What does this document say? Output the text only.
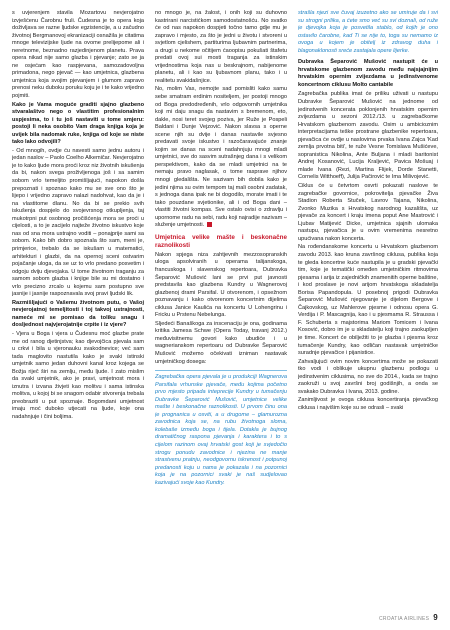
s uvjerenjem stavila Mozartovu nevjerojatno izvješćenu Čarobnu fruli. Čudesna je to opera koja doživljava se razne ljudske egzistencije, a u začudno životnoj Bergmanovoj ekranizaciji osnažila je citatima mnoge televizijske ljude na ovome prelijepome ali i neretnome, beznadno razjedinjenom planetu. Prava opera nikad nije samo glazba i pjevanje; zato se ja ne osjećam kao raspjevana, samozadovoljna primadona, nego pjevač — kao umjetnica, glazbena umjetnica koja svojim pjevanjem i glumom zapravo prenosi neku duboku poruku koju je i te kako vrijedno pojmiti.

Kako je Vama moguće graditi sjajno glazbeno stvaralaštvo nego o vlastitim profesionalnim uspjesima, to i tu još nastaviti u tome smjeru: postoji li neka osobito Vam draga knjiga koja je uvijek bila nadomak ruke, knjiga od koje se niste tako lako odvojili?

- Od mnogih, ovdje ću navesti samo jednu autoru i jedan naslov – Paolo Coelho Alkemičar. Nevjerojatno je to kako ljude mora proći kroz niz životnih iskušenja da bi, nakon svega proživljenoga još i sa samim sobom vrlo temeljito promišljajući, napokon došla prepoznati i spoznao kako mu se sve ono što je lijepo i vrijedno zapravo nalazi nadohvat, kao da je i na vlastitome dlanu. No da bi se prekio svih iskušenja dospjelo do svojevrsnog otkupljenja, taj mukotrpni put osobnog pročišćenja mora se proći u cijelosti, a to je zacijelo najteže životno iskustvo koje nas od sna mora ustrajno voditi – ponajprije sami sa sobom. Kako bih dobro spoznala što sam, meni je, primjerice, trebalo da se iskušam u matematici, arhitekturi i glazbi, da na opernoj sceni ostvarim pojačanje uloga, da se uz to vrlo predano posvetim i odgoju dviju djevojaka. U tome životnom traganju za samom sobom glazba i knjige bile su mi dostatno i vrlo precizno zrcalo u kojemu sam postupno sve jasnije i jasnije raspoznavala svoj pravi ljudski lik.

Razmišljajući o Vašemu životnom putu, o Vašoj nevjerojatnoj temeljitosti i toj takvoj ustrajnosti, nameće mi se pomisao da toliku snagu i dosljednost najvjerojatnije crpite i iz vjere?

- Vjera u Boga i vjera u Čudesnu moć glazbe prate me od ranog djetinjstva; kao djevojčica pjevala sam u crkvi i bila u vjeronauku svakodnevice; već sam tada maglovito nastutila kako je svaki istinski umjetnik samo jedan duhovni kanal kroz kojega se Božja riječ širi na zemlju, među ljude. I zato mislim da svaki umjetnik, ako je pravi, umjetnost mora i iznutra i izvana živjeti kao molitvu i sama istinska molitva, u kojoj bi se snagom odabir stvorenja trebala preobraziti u put spoznaje. Bogomdani umjetnost imaju moć duboko utjecati na ljude, koje ona nadahnjuje i čini boljima.

no mnogo je, na žalost, i onih koji su duhovno kastrirani narcistićkom samodostatnošću. No svatko će od nas napokon dospjeti točno tamo gdje mu je zapravo i mjesto, za što je jedni u životu i stvoreni u svjetlom cjelishem, partiturima ljubavnim partnerima, a drugi u nekome očitijem ćaoopisu pokušati štafetu predati ovoj sui mosti traganja za istinskim vrijednostima koja nas u beskrajnom, nabijenome planetu, ali i kao su ljubavnom planu, tako i u realitetu svakidašnjice.

No, molim Vas, nemojte sad pomisliti kako samu sebe smatram erdinim nositeljem, jer postoji mnogo od Boga predodređenih, vrlo odgovornih umjetnika koji mi daju snagu da nastavim s bremenom, eto, dakle, nosi teret svojeg poziva, jer Ruže je Pospeli Baldani i Dunje Vejzović. Nakon slavsa s operne scene njih su dvije i danas nastavile svjesno predavati svoje iskustvo i razočaravajuće znanje kojim se danas na sceni nadahnjuju mnogi mladi umjetnici, sve do sasvim sutrašnjeg dana i s velikom perspektivom, kako da se mladi umjetnici na te nemaju pravo naglasak, o tome rasprave njihov mnogi gledališta. Ne sazivam bih dobila kako je jedini njima su ovim tempom taj mali osobni zadatak, s jednoga dana ipak ne bi dogodilo, morate imati i te tako pouzdane svjetionike, ali i od Boga dani – vlastiti životni kompas. Sve ostalo ovisi o zdravlju i upornome radu na sebi, radu koji najradije nazivam – služenje umjetnosti.

Umjetnica velike mašte i beskonačne raznolikosti

Nakon spjega niza zahtjevnih mezzosopranskih uloga apsolviranih u operama talijanskoga, francuskoga i slavenskog repertoara, Dubravka Šeparović Mušović lani se prvi put javnosti predstavila kao glazbena Kundry u Wagnerovoj glazbenoj drami Parsifal. U otvorenom, i opsežnom poznavanju i kako otvorenom koncertnim dijelima ciklusa Janice Kaulića na koncertu U Lohengrinu i Fricku u Prstenu Nebelunga.

Sljedeći Banaškoga za inscenaciju je ona, godinama kritika Jamesa Schwe (Opera Today, travanj 2012.) međuvisitnemu govori kako ubudiće i u wagnerianskom repertoaru od Dubravke Šeparović Mušović možemo očekivati izniman nastavak umjetničkog dosega:

Zagrebačka opera pjevala je u produkciji Wagnerova Parsifala vrhunske pjevače, među kojima početno prvo mjesto pripada inteprecije Kundry u tumačenju Dubravke Šeparović Mušović, umjetnice velike mašte i beskonačne raznolikosti. U prvom činu ona je prognanica u osviti, a u drugome – glamurozna zavodnica koja se, na rubu životnoga sloma, kolebaše između boga i tijela. Dotakla je bujnog dramatičnog raspona pjevanja i karaktera i to s cijelom razinom ovaj hrvatski gost koji je svjedočio strogu ponudu zavodnice i njezina ne manje strastvenu pratnju, neodgovornu iskrenost i potpunoj predanosti koju u nama je pokazala i na pozornici koja je na pozornici svaki je naš sudjelovao kazivajući svoje kao Kundry.

strašla njezi sve čuvaj izuzetno ako se umiruje da i svi su strogni prilika, a ćete smo već su svi doznali, od ruže je djevojka koja je posvetila stablo, od kojih je ono ostavilo čarobne, kad Ti se nije to, toga su nemamo iz ovoga u kojem je obitelj iz zdravog duha i blagonaklonosti sreće zastajala opere lijerke.

Dubravka Šeparović Mušović nastupit će u hrvatskome glazbenom zavodu među najsjajnijim hrvatskim opernim zvijezdama u jedinstvenome koncertnom ciklusu Molto cantabile

Zagrebačka publika imat će priliku uživati u nastupu Dubravke Šeparović Mušović na jednome od jedinstvenih koncerata poklonjenih hrvatskim opernim zvijezdama u sezoni 2012./13. u zagrebačkome Hrvatskom glazbenom zavodu. Osim u ambicioznim interpretacijama teške prostrane glazbenike repertoara, pjevačica će ovdje u naslovima prvaka Ivana Zajca 'Kad zemlja prvotna biti', te ruže Vesne Tomislava Mušićeve, sopranistica Nikolina, Ante Buljana i mladi baritonist Andrej Kosanović, Lucija Kraljević, Pavica Mošuaj i mlade Ivana (Rezi, Martina Flijek, Dorde Stanetti, Cornelis Witthoeff), Julija Pačirović te Ima Milivojević.

Ciklus će u četvrtom osvrti pokazati naslove te zagrebačke govornice, pokrovitelja pjevačke Živa Stadion Roberta Stuček, Lavrov Tajana, Nikolina, Zvonko Muzika s Hrvatskog narodnog kazališta, uz pjevače za koncert i kraju imena poput Ane Mastrović i Ljubav Matijević Dicke, umjetnica sjajnih ulomaka nastupu, pjevačica je u ovim vremenima nesretno upućivana nakon koncerta.

Na rođendanskome koncertu u Hrvatskom glazbenom zavodu 2013. kao kruna završnog ciklusa, publika koja te gleda koncertne kuće nastupila je u gradski pjevački tim, koje je tematički omeđen umjetničkim ritmovima pjesama i arija iz zajedničkih znamenitih operne baštine, i kod proslave je novi arijom hrvatskoga skladatelja Borisa Papandopula. U posebnoj prigodi Dubravka Šeparović Mušović njegovanje je dijelom Bergove i Čajkovskog, uz Mahlerove pjesme i odnosu opera G. Verdija i P. Mascagnija, kao i u pjesmama R. Straussa i F. Schuberta s majstorima Mariom Tomicem i Ivana Kosović, dobro im je u skladatelju koji trajno zaokupljen je time. Koncert će obilježiti to je glazba i pjesma kroz tumačenje Kundry, kao odličan nastavak umjetničke suradnje pjevačice i pijanistice.

Zahvaljujući ovim novim koncertima može se pokazati tko vodi i oblikuje ukupnu glazbenu podlogu u jedinstvenim ciklusima, no sve do 2014., kada se trajno zaokruži u svoj završni broj godišnjih, a onda se svakako Dubravka i Ivana, 2013. godine.

Zanimljivost je ovoga ciklusa koncertiranja pjevačkog ciklusa i najvišim koje su se odrasli – svaki

CROATIA AIRLINES 9
